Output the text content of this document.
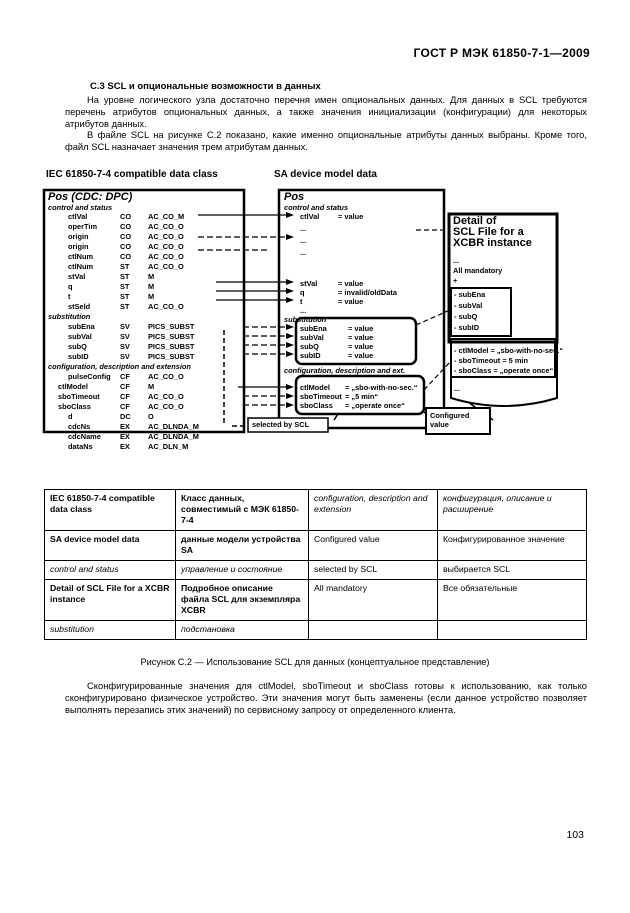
ГОСТ Р МЭК 61850-7-1—2009
C.3 SCL и опциональные возможности в данных

На уровне логического узла достаточно перечня имен опциональных данных. Для данных в SCL требуются перечень атрибутов опциональных данных, а также значения инициализации (конфигурации) для некоторых атрибутов данных.

В файле SCL на рисунке C.2 показано, какие именно опциональные атрибуты данных выбраны. Кроме того, файл SCL назначает значения трем атрибутам данных.

IEC 61850-7-4 compatible data class	SA device model data
Pos (CDC: DPC)
control and status
ctlVal	CO AC_CO_M
operTim	CO AC_CO_O
origin	CO AC_CO_O
origin	CO AC_CO_O
ctlNum	CO AC_CO_O
ctlNum	ST	AC_CO_O
stVal	ST	M
q	ST	M
t	ST	M
stSeld	ST	AC_CO_O
substitution
subEna	SV PICS_SUBST
subVal	SV PICS_SUBST
subQ	SV PICS_SUBST
subID	SV PICS_SUBST
configuration, description and extension
pulseConfig CF AC_CO_O
ctlModel	CF M
sboTimeout	CF AC_CO_O
sboClass	CF AC_CO_O
d	DC O
cdcNs	EX AC_DLNDA_M
cdcName	EX AC_DLNDA_M
dataNs	EX AC_DLN_M
Pos
control and status
ctlVal	= value
...
...
...
stVal	= value
q	= invalid/oldData
t	= value
...
substitution
subEna	= value
subVal	= value
subQ	= value
subID	= value
configuration, description and ext.
ctlModel = „sbo-with-no-sec.“
sboTimeout = „5 min“
sboClass = „operate once“
Detail of
SCL File for a
XCBR instance
...
All mandatory
+
- subEna
- subVal
- subQ
- subID
- ctlModel = „sbo-with-no-sec.“
- sboTimeout = 5 min
- sboClass = „operate once“
...
selected by SCL
Configured value
IEC 61850-7-4 compatible data class	Класс данных, совместимый с МЭК 61850-7-4	configuration, description and extension	конфигурация, описание и расширение
SA device model data	данные модели устройства SA	Configured value	Конфигурированное значение
control and status	управление и состояние	selected by SCL	выбирается SCL
Detail of SCL File for a XCBR instance	Подробное описание файла SCL для экземпляра XCBR	All mandatory	Все обязательные
substitution	подстановка		
Рисунок C.2 — Использование SCL для данных (концептуальное представление)

Сконфигурированные значения для ctlModel, sboTimeout и sboClass готовы к использованию, как только сконфигурировано физическое устройство. Эти значения могут быть заменены (если данное устройство позволяет выполнять перезапись этих значений) по сервисному запросу от определенного клиента.

103
